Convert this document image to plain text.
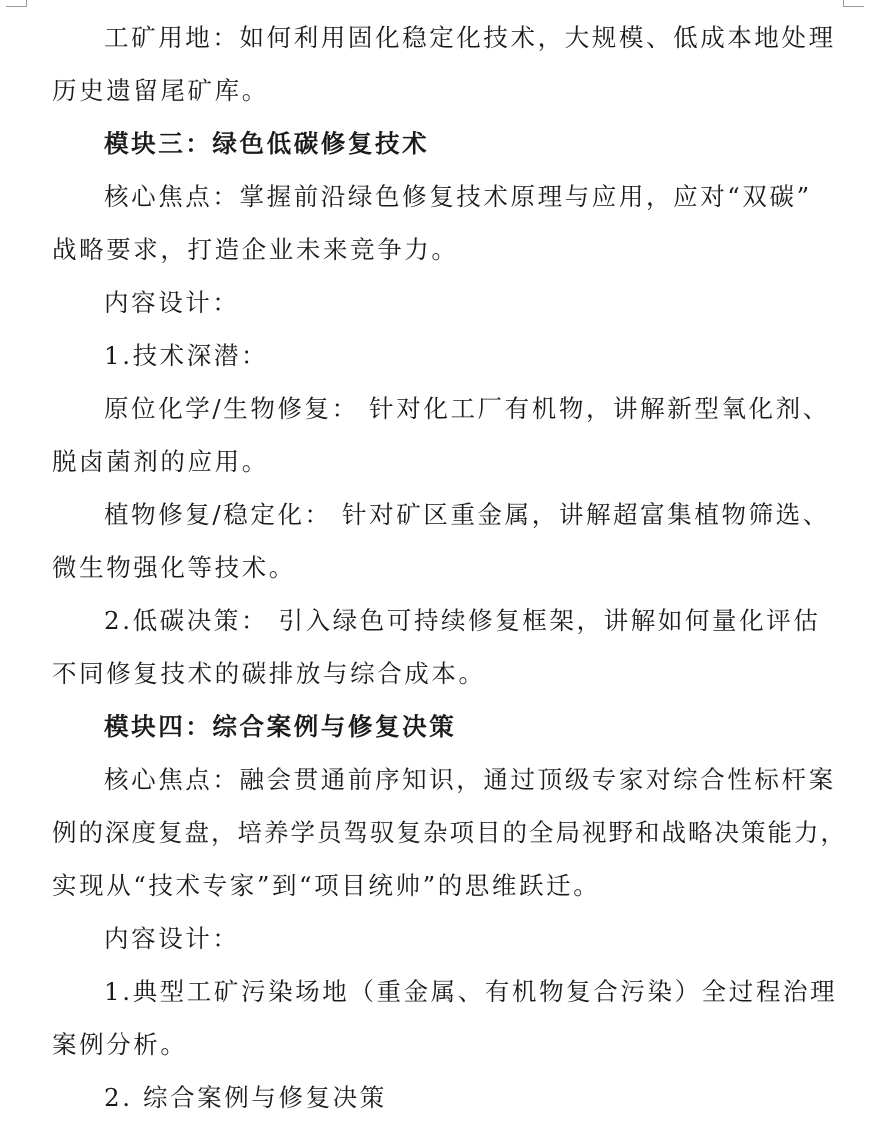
工矿用地：如何利用固化稳定化技术，大规模、低成本地处理

历史遗留尾矿库。

模块三：绿色低碳修复技术

核心焦点：掌握前沿绿色修复技术原理与应用，应对“双碳”

战略要求，打造企业未来竞争力。

内容设计：

1.技术深潜：

原位化学/生物修复： 针对化工厂有机物，讲解新型氧化剂、

脱卤菌剂的应用。

植物修复/稳定化： 针对矿区重金属，讲解超富集植物筛选、

微生物强化等技术。

2.低碳决策： 引入绿色可持续修复框架，讲解如何量化评估

不同修复技术的碳排放与综合成本。

模块四：综合案例与修复决策

核心焦点：融会贯通前序知识，通过顶级专家对综合性标杆案

例的深度复盘，培养学员驾驭复杂项目的全局视野和战略决策能力，

实现从“技术专家”到“项目统帅”的思维跃迁。

内容设计：

1.典型工矿污染场地（重金属、有机物复合污染）全过程治理

案例分析。

2. 综合案例与修复决策
